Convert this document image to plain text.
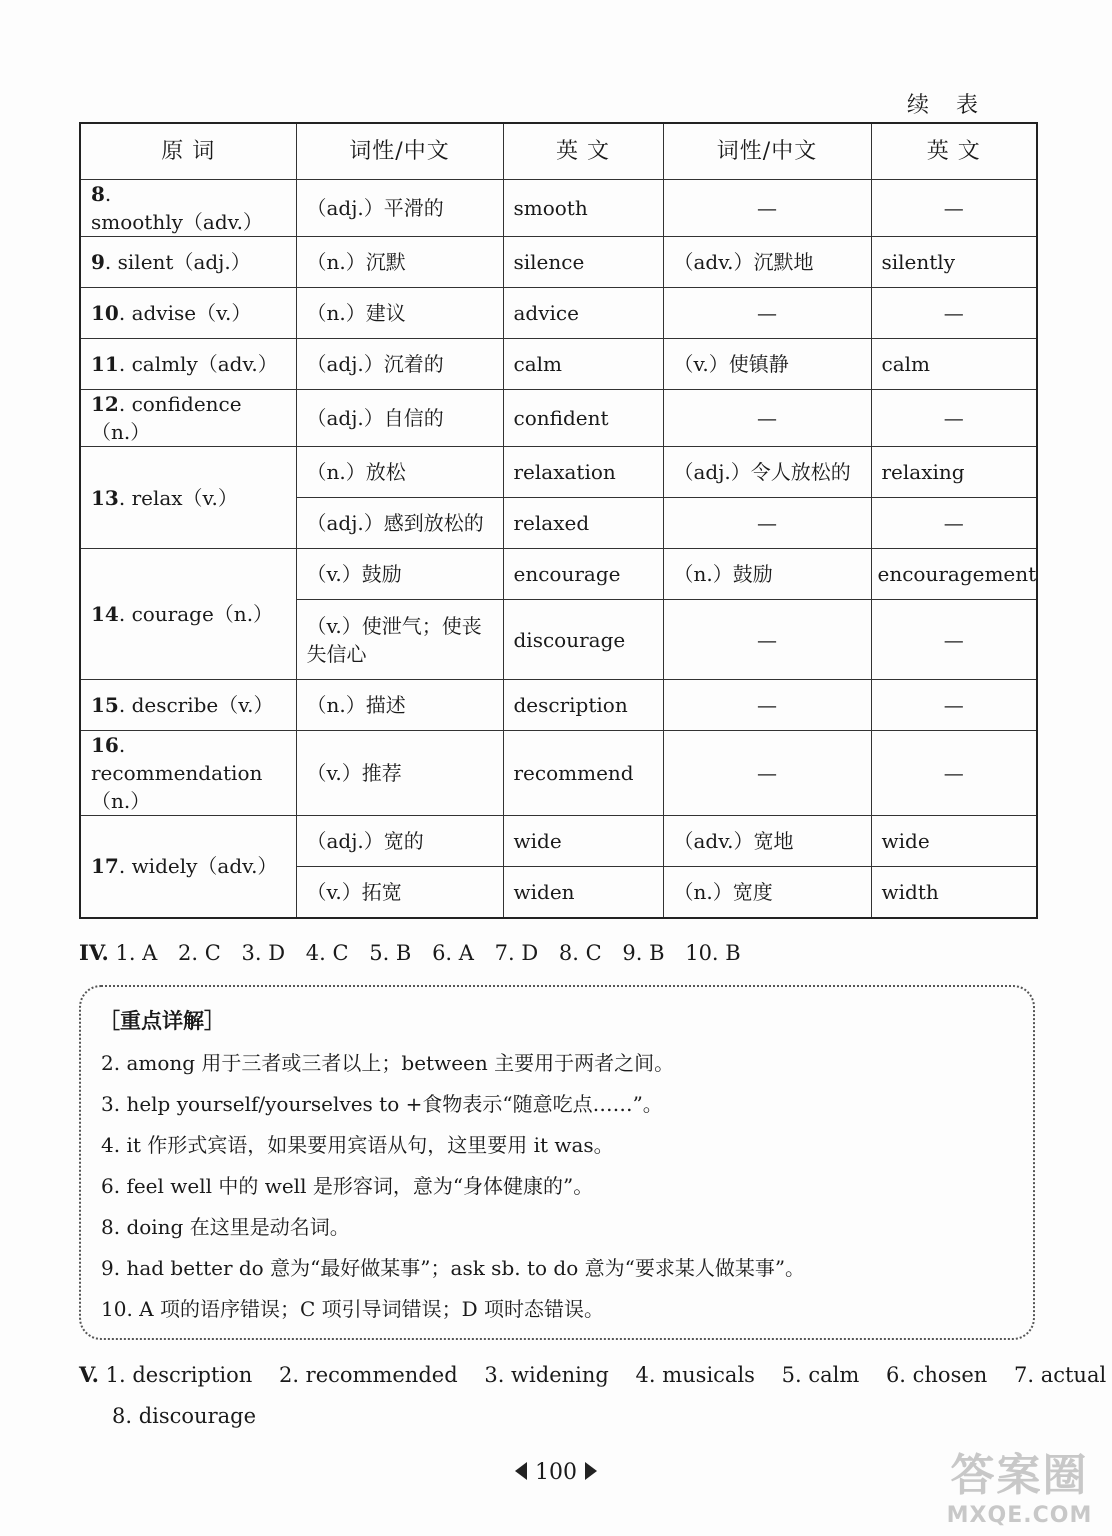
续 表
原 词	词性/中文	英 文	词性/中文	英 文
8. smoothly（adv.）	（adj.）平滑的	smooth	—	—
9. silent（adj.）	（n.）沉默	silence	（adv.）沉默地	silently
10. advise（v.）	（n.）建议	advice	—	—
11. calmly（adv.）	（adj.）沉着的	calm	（v.）使镇静	calm
12. confidence（n.）	（adj.）自信的	confident	—	—
13. relax（v.）	（n.）放松	relaxation	（adj.）令人放松的	relaxing
	（adj.）感到放松的	relaxed	—	—
14. courage（n.）	（v.）鼓励	encourage	（n.）鼓励	encouragement
	（v.）使泄气；使丧失信心	discourage	—	—
15. describe（v.）	（n.）描述	description	—	—
16. recommendation（n.）	（v.）推荐	recommend	—	—
17. widely（adv.）	（adj.）宽的	wide	（adv.）宽地	wide
	（v.）拓宽	widen	（n.）宽度	width
IV. 1. A 2. C 3. D 4. C 5. B 6. A 7. D 8. C 9. B 10. B
［重点详解］
2. among 用于三者或三者以上；between 主要用于两者之间。
3. help yourself/yourselves to +食物表示“随意吃点……”。
4. it 作形式宾语，如果要用宾语从句，这里要用 it was。
6. feel well 中的 well 是形容词，意为“身体健康的”。
8. doing 在这里是动名词。
9. had better do 意为“最好做某事”；ask sb. to do 意为“要求某人做某事”。
10. A 项的语序错误；C 项引导词错误；D 项时态错误。
V. 1. description 2. recommended 3. widening 4. musicals 5. calm 6. chosen 7. actual
8. discourage
100	答案圈
MXQE.COM
